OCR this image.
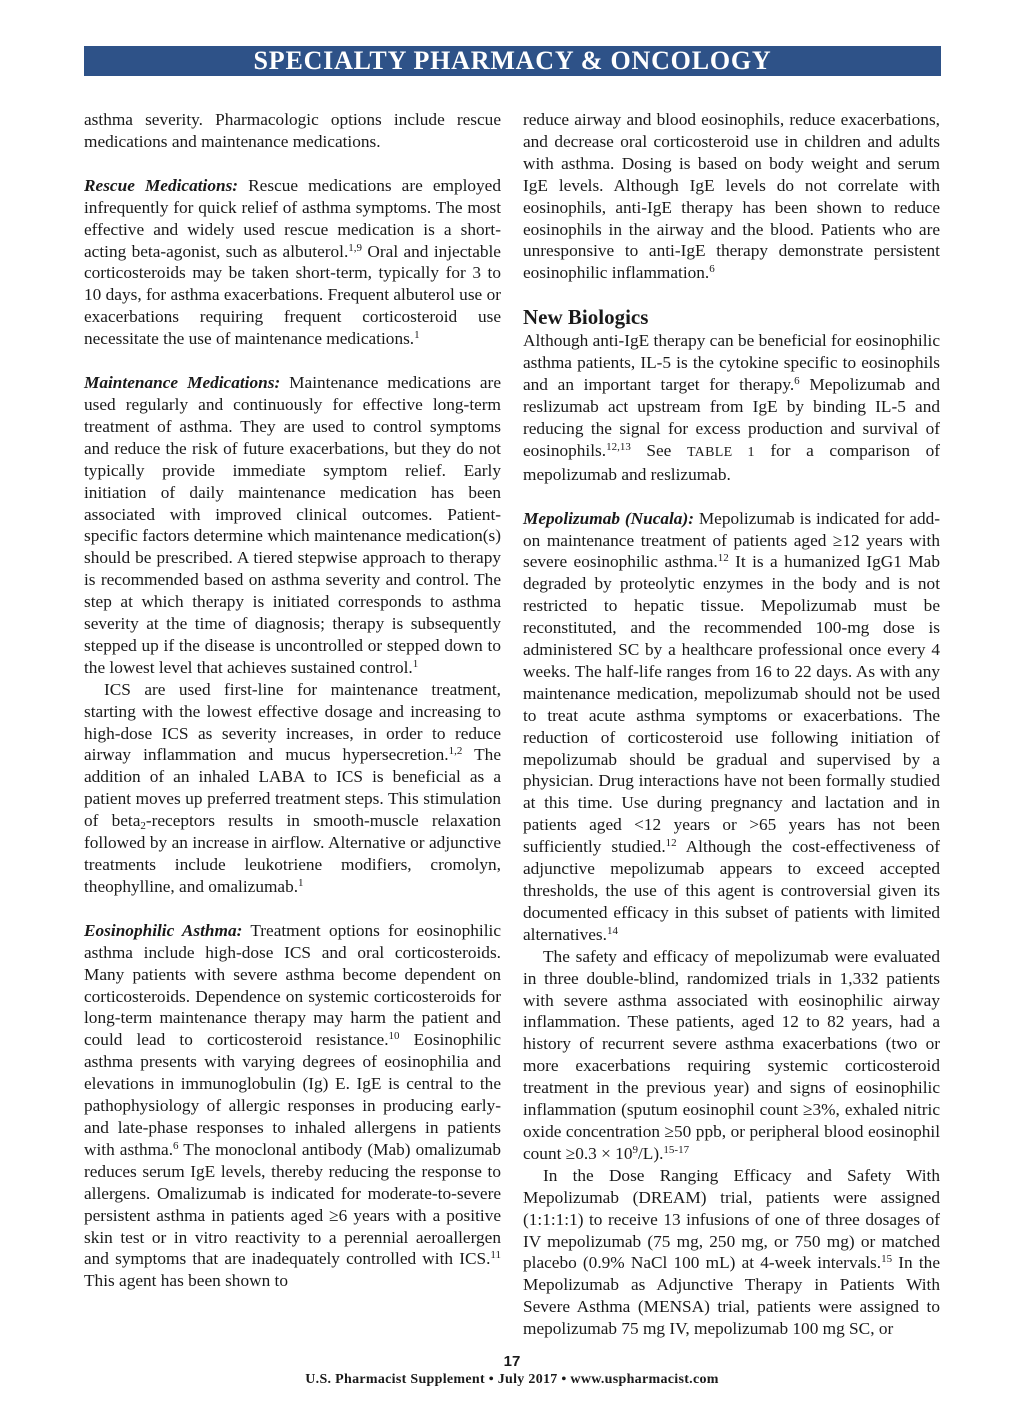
SPECIALTY PHARMACY & ONCOLOGY

asthma severity. Pharmacologic options include rescue medications and maintenance medications.

Rescue Medications: Rescue medications are employed infrequently for quick relief of asthma symptoms. The most effective and widely used rescue medication is a short-acting beta-agonist, such as albuterol.$^{1,9}$ Oral and injectable corticosteroids may be taken short-term, typically for 3 to 10 days, for asthma exacerbations. Frequent albuterol use or exacerbations requiring frequent corticosteroid use necessitate the use of maintenance medications.$^1$

Maintenance Medications: Maintenance medications are used regularly and continuously for effective long-term treatment of asthma. They are used to control symptoms and reduce the risk of future exacerbations, but they do not typically provide immediate symptom relief. Early initiation of daily maintenance medication has been associated with improved clinical outcomes. Patient-specific factors determine which maintenance medication(s) should be prescribed. A tiered stepwise approach to therapy is recommended based on asthma severity and control. The step at which therapy is initiated corresponds to asthma severity at the time of diagnosis; therapy is subsequently stepped up if the disease is uncontrolled or stepped down to the lowest level that achieves sustained control.$^1$

ICS are used first-line for maintenance treatment, starting with the lowest effective dosage and increasing to high-dose ICS as severity increases, in order to reduce airway inflammation and mucus hypersecretion.$^{1,2}$ The addition of an inhaled LABA to ICS is beneficial as a patient moves up preferred treatment steps. This stimulation of beta$_2$-receptors results in smooth-muscle relaxation followed by an increase in airflow. Alternative or adjunctive treatments include leukotriene modifiers, cromolyn, theophylline, and omalizumab.$^1$

Eosinophilic Asthma: Treatment options for eosinophilic asthma include high-dose ICS and oral corticosteroids. Many patients with severe asthma become dependent on corticosteroids. Dependence on systemic corticosteroids for long-term maintenance therapy may harm the patient and could lead to corticosteroid resistance.$^{10}$ Eosinophilic asthma presents with varying degrees of eosinophilia and elevations in immunoglobulin (Ig) E. IgE is central to the pathophysiology of allergic responses in producing early- and late-phase responses to inhaled allergens in patients with asthma.$^6$ The monoclonal antibody (Mab) omalizumab reduces serum IgE levels, thereby reducing the response to allergens. Omalizumab is indicated for moderate-to-severe persistent asthma in patients aged ≥6 years with a positive skin test or in vitro reactivity to a perennial aeroallergen and symptoms that are inadequately controlled with ICS.$^{11}$ This agent has been shown to

reduce airway and blood eosinophils, reduce exacerbations, and decrease oral corticosteroid use in children and adults with asthma. Dosing is based on body weight and serum IgE levels. Although IgE levels do not correlate with eosinophils, anti-IgE therapy has been shown to reduce eosinophils in the airway and the blood. Patients who are unresponsive to anti-IgE therapy demonstrate persistent eosinophilic inflammation.$^6$

New Biologics

Although anti-IgE therapy can be beneficial for eosinophilic asthma patients, IL-5 is the cytokine specific to eosinophils and an important target for therapy.$^6$ Mepolizumab and reslizumab act upstream from IgE by binding IL-5 and reducing the signal for excess production and survival of eosinophils.$^{12,13}$ See TABLE 1 for a comparison of mepolizumab and reslizumab.

Mepolizumab (Nucala): Mepolizumab is indicated for add-on maintenance treatment of patients aged ≥12 years with severe eosinophilic asthma.$^{12}$ It is a humanized IgG1 Mab degraded by proteolytic enzymes in the body and is not restricted to hepatic tissue. Mepolizumab must be reconstituted, and the recommended 100-mg dose is administered SC by a healthcare professional once every 4 weeks. The half-life ranges from 16 to 22 days. As with any maintenance medication, mepolizumab should not be used to treat acute asthma symptoms or exacerbations. The reduction of corticosteroid use following initiation of mepolizumab should be gradual and supervised by a physician. Drug interactions have not been formally studied at this time. Use during pregnancy and lactation and in patients aged <12 years or >65 years has not been sufficiently studied.$^{12}$ Although the cost-effectiveness of adjunctive mepolizumab appears to exceed accepted thresholds, the use of this agent is controversial given its documented efficacy in this subset of patients with limited alternatives.$^{14}$

The safety and efficacy of mepolizumab were evaluated in three double-blind, randomized trials in 1,332 patients with severe asthma associated with eosinophilic airway inflammation. These patients, aged 12 to 82 years, had a history of recurrent severe asthma exacerbations (two or more exacerbations requiring systemic corticosteroid treatment in the previous year) and signs of eosinophilic inflammation (sputum eosinophil count ≥3%, exhaled nitric oxide concentration ≥50 ppb, or peripheral blood eosinophil count $\ge 0.3 \times 10^9/L).^{15-17}$

In the Dose Ranging Efficacy and Safety With Mepolizumab (DREAM) trial, patients were assigned (1:1:1:1) to receive 13 infusions of one of three dosages of IV mepolizumab (75 mg, 250 mg, or 750 mg) or matched placebo (0.9% NaCl 100 mL) at 4-week intervals.$^{15}$ In the Mepolizumab as Adjunctive Therapy in Patients With Severe Asthma (MENSA) trial, patients were assigned to mepolizumab 75 mg IV, mepolizumab 100 mg SC, or

17
U.S. Pharmacist Supplement • July 2017 • www.uspharmacist.com
